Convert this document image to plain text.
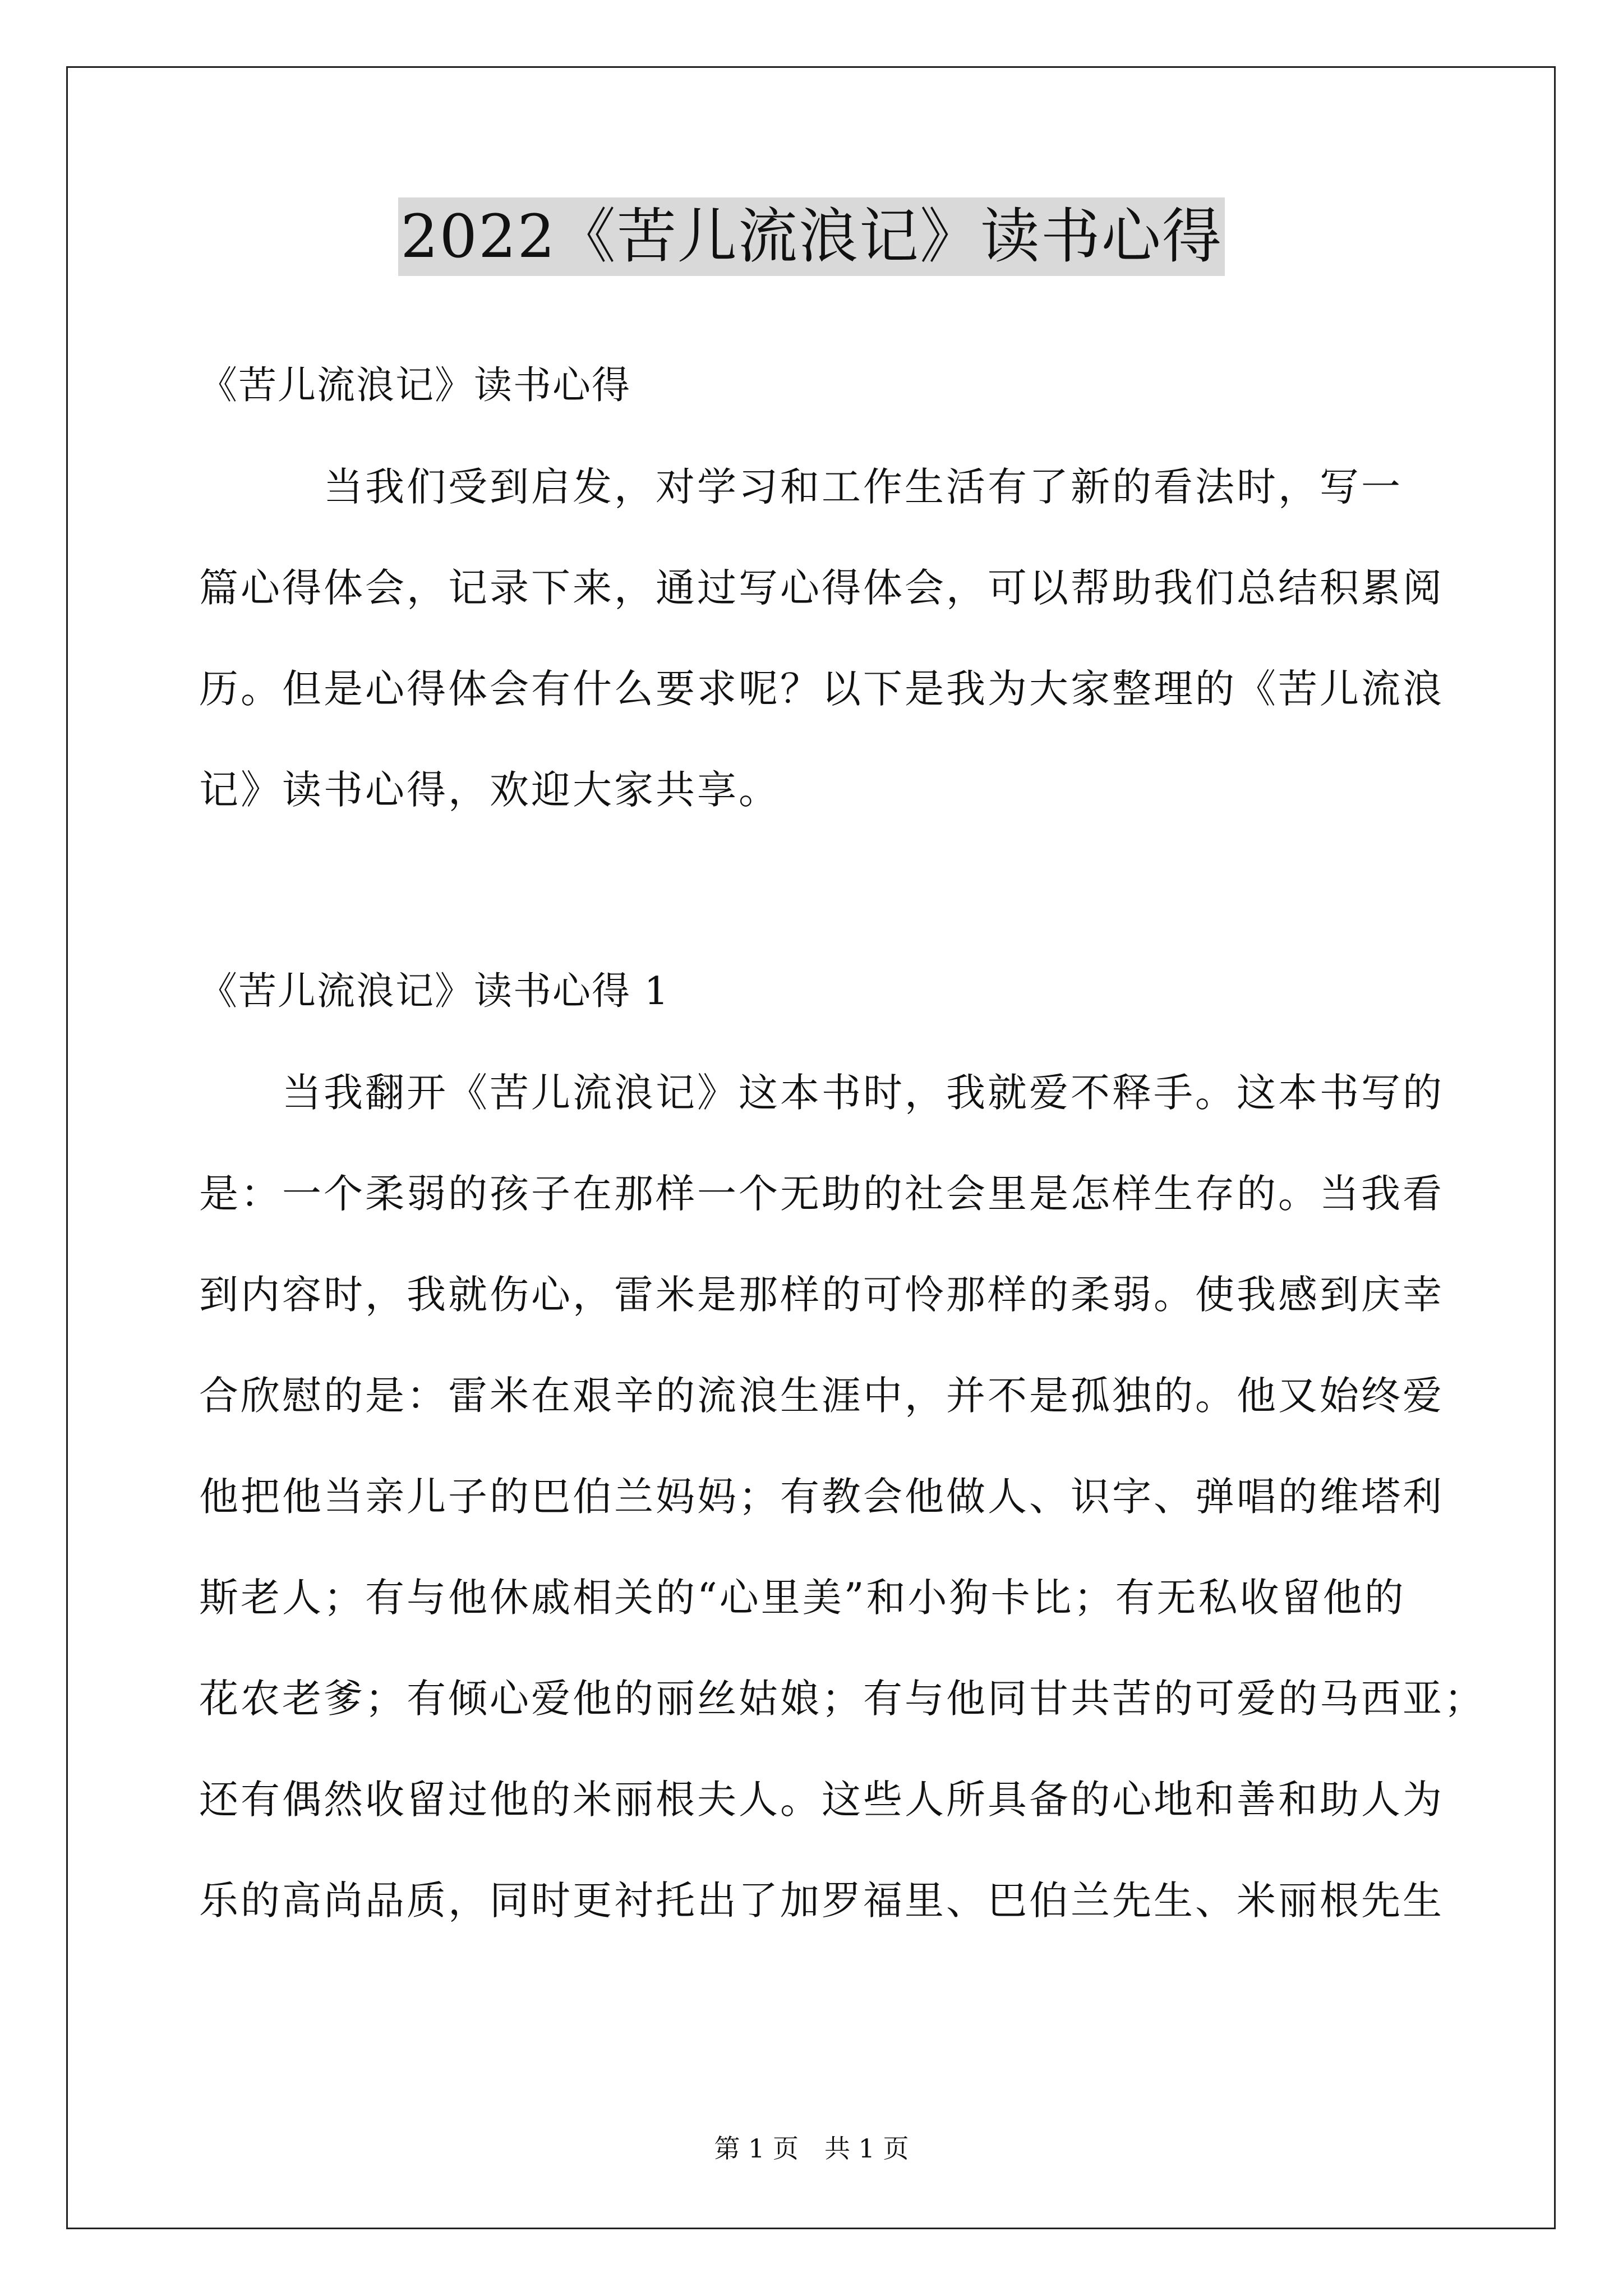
2022《苦儿流浪记》读书心得
《苦儿流浪记》读书心得
　　　当我们受到启发，对学习和工作生活有了新的看法时，写一
篇心得体会，记录下来，通过写心得体会，可以帮助我们总结积累阅
历。但是心得体会有什么要求呢？以下是我为大家整理的《苦儿流浪
记》读书心得，欢迎大家共享。
《苦儿流浪记》读书心得 1
　　当我翻开《苦儿流浪记》这本书时，我就爱不释手。这本书写的
是：一个柔弱的孩子在那样一个无助的社会里是怎样生存的。当我看
到内容时，我就伤心，雷米是那样的可怜那样的柔弱。使我感到庆幸
合欣慰的是：雷米在艰辛的流浪生涯中，并不是孤独的。他又始终爱
他把他当亲儿子的巴伯兰妈妈；有教会他做人、识字、弹唱的维塔利
斯老人；有与他休戚相关的“心里美”和小狗卡比；有无私收留他的
花农老爹；有倾心爱他的丽丝姑娘；有与他同甘共苦的可爱的马西亚；
还有偶然收留过他的米丽根夫人。这些人所具备的心地和善和助人为
乐的高尚品质，同时更衬托出了加罗福里、巴伯兰先生、米丽根先生
第 1 页 共 1 页
